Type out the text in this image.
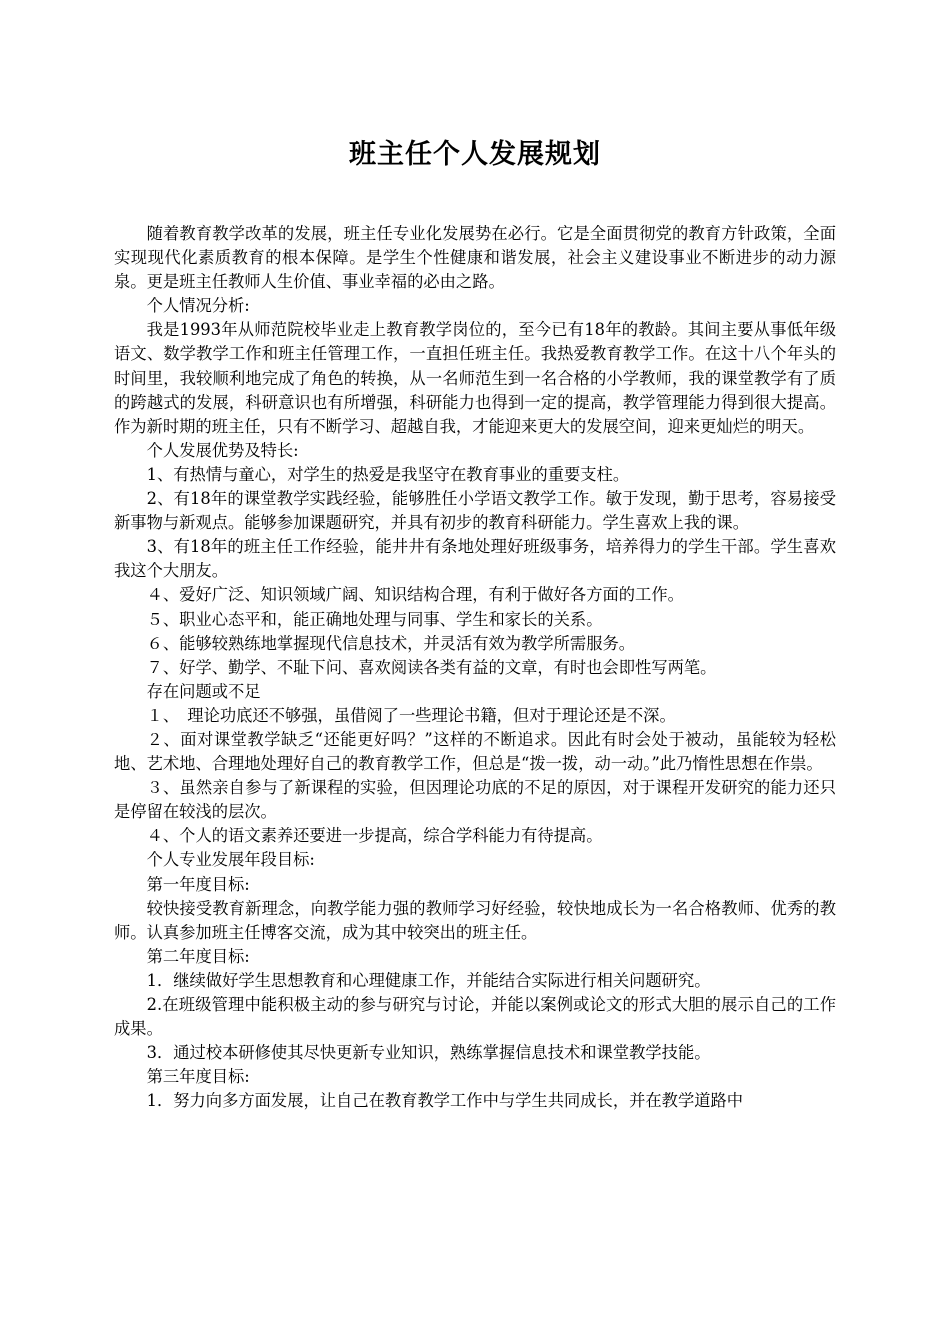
班主任个人发展规划

随着教育教学改革的发展，班主任专业化发展势在必行。它是全面贯彻党的教育方针政策，全面实现现代化素质教育的根本保障。是学生个性健康和谐发展，社会主义建设事业不断进步的动力源泉。更是班主任教师人生价值、事业幸福的必由之路。

个人情况分析:

我是1993年从师范院校毕业走上教育教学岗位的，至今已有18年的教龄。其间主要从事低年级语文、数学教学工作和班主任管理工作，一直担任班主任。我热爱教育教学工作。在这十八个年头的时间里，我较顺利地完成了角色的转换，从一名师范生到一名合格的小学教师，我的课堂教学有了质的跨越式的发展，科研意识也有所增强，科研能力也得到一定的提高，教学管理能力得到很大提高。作为新时期的班主任，只有不断学习、超越自我，才能迎来更大的发展空间，迎来更灿烂的明天。

个人发展优势及特长:

1、有热情与童心，对学生的热爱是我坚守在教育事业的重要支柱。

2、有18年的课堂教学实践经验，能够胜任小学语文教学工作。敏于发现，勤于思考，容易接受新事物与新观点。能够参加课题研究，并具有初步的教育科研能力。学生喜欢上我的课。

3、有18年的班主任工作经验，能井井有条地处理好班级事务，培养得力的学生干部。学生喜欢我这个大朋友。

４、爱好广泛、知识领域广阔、知识结构合理，有利于做好各方面的工作。

５、职业心态平和，能正确地处理与同事、学生和家长的关系。

６、能够较熟练地掌握现代信息技术，并灵活有效为教学所需服务。

７、好学、勤学、不耻下问、喜欢阅读各类有益的文章，有时也会即性写两笔。

存在问题或不足

１、　理论功底还不够强，虽借阅了一些理论书籍，但对于理论还是不深。

２、面对课堂教学缺乏“还能更好吗？”这样的不断追求。因此有时会处于被动，虽能较为轻松地、艺术地、合理地处理好自己的教育教学工作，但总是“拨一拨，动一动。”此乃惰性思想在作祟。

３、虽然亲自参与了新课程的实验，但因理论功底的不足的原因，对于课程开发研究的能力还只是停留在较浅的层次。

４、个人的语文素养还要进一步提高，综合学科能力有待提高。

个人专业发展年段目标:

第一年度目标:

较快接受教育新理念，向教学能力强的教师学习好经验，较快地成长为一名合格教师、优秀的教师。认真参加班主任博客交流，成为其中较突出的班主任。

第二年度目标:

1．继续做好学生思想教育和心理健康工作，并能结合实际进行相关问题研究。

2.在班级管理中能积极主动的参与研究与讨论，并能以案例或论文的形式大胆的展示自己的工作成果。

3．通过校本研修使其尽快更新专业知识，熟练掌握信息技术和课堂教学技能。

第三年度目标:

1．努力向多方面发展，让自己在教育教学工作中与学生共同成长，并在教学道路中
